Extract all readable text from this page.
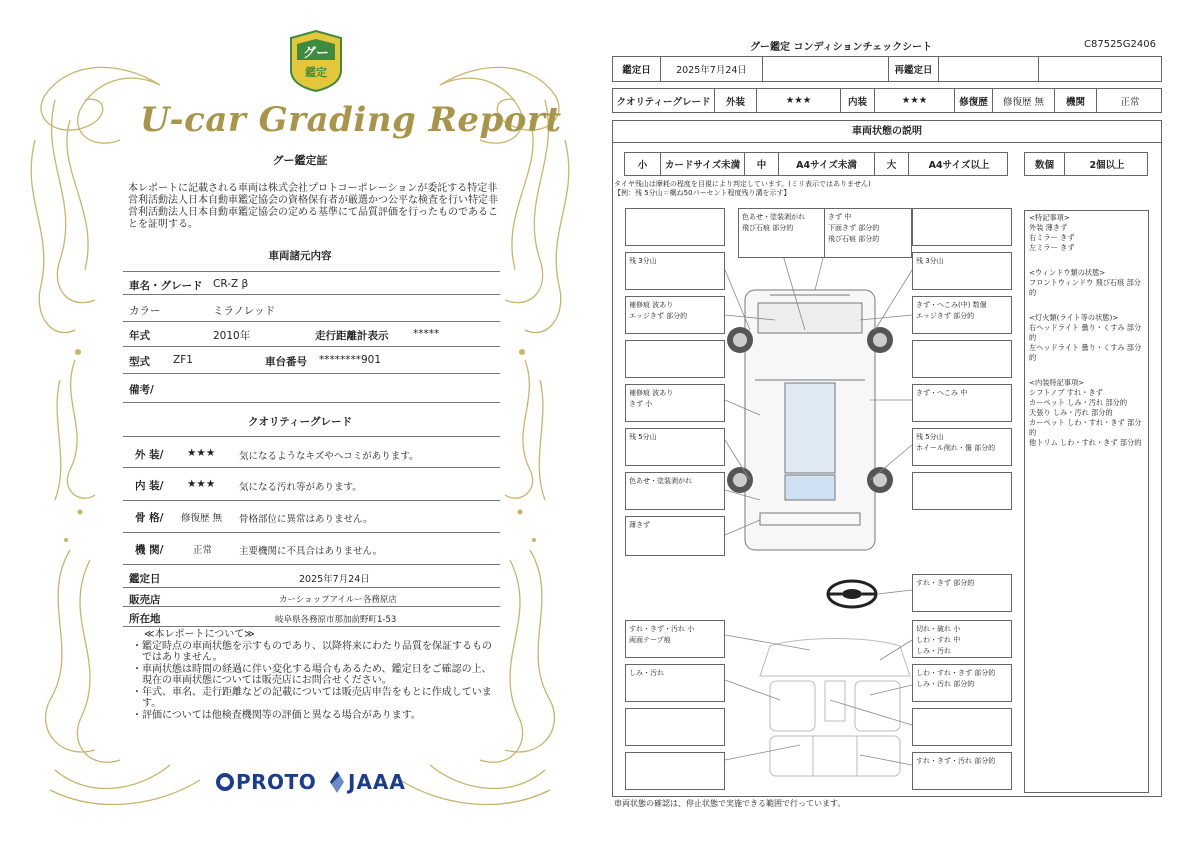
グー
鑑定
U-car Grading Report
グー鑑定証
本レポートに記載される車両は株式会社プロトコーポレーションが委託する特定非営利活動法人日本自動車鑑定協会の資格保有者が厳選かつ公平な検査を行い特定非営利活動法人日本自動車鑑定協会の定める基準にて品質評価を行ったものであることを証明する。
車両諸元内容
車名・グレード CR-Z β
カラー	ミラノレッド
年式	2010年	走行距離計表示 *****
型式 ZF1	車台番号 ********901
備考/
クオリティーグレード
外 装/ ★★★	気になるようなキズやヘコミがあります。
内 装/ ★★★	気になる汚れ等があります。
骨 格/ 修復歴 無 骨格部位に異常はありません。
機 関/	正常	主要機関に不具合はありません。
鑑定日	2025年7月24日
販売店	カーショップアイルー各務原店
所在地	岐阜県各務原市那加前野町1-53
≪本レポートについて≫
・鑑定時点の車両状態を示すものであり、以降将来にわたり品質を保証するものではありません。
・車両状態は時間の経過に伴い変化する場合もあるため、鑑定日をご確認の上、現在の車両状態については販売店にお問合せください。
・年式、車名、走行距離などの記載については販売店申告をもとに作成しています。
・評価については他検査機関等の評価と異なる場合があります。
PROTO	JAAA
グー鑑定 コンディションチェックシート	C87525G2406
鑑定日	2025年7月24日	再鑑定日
クオリティーグレード	外装	★★★	内装	★★★	修復歴	修復歴 無	機関	正常
車両状態の説明
小	カードサイズ未満	中	A4サイズ未満	大	A4サイズ以上	数個	2個以上
タイヤ残山は摩耗の程度を目視により判定しています。(ミリ表示ではありません)
【例：残 5分山＝概ね50パーセント程度残り溝を示す】
色あせ・塗装剥がれ
飛び石痕 部分的
きず 中
下面きず 部分的
飛び石痕 部分的
残 3分山	残 3分山
補修痕 波あり
エッジきず 部分的
きず・へこみ(中) 数個
エッジきず 部分的
補修痕 波あり
きず 小
きず・へこみ 中
残 5分山	残 5分山
ホイール削れ・傷 部分的
色あせ・塗装剥がれ
薄きず
すれ・きず 部分的
すれ・きず・汚れ 小
両面テープ痕
切れ・破れ 小
しわ・すれ 中
しみ・汚れ
しみ・汚れ	しわ・すれ・きず 部分的
しみ・汚れ 部分的
すれ・きず・汚れ 部分的
<特記事項>
外装 薄きず
右ミラー きず
左ミラー きず
<ウィンドウ類の状態>
フロントウィンドウ 飛び石痕 部分的
<灯火類(ライト等の状態)>
右ヘッドライト 曇り・くすみ 部分的
左ヘッドライト 曇り・くすみ 部分的
<内装特記事項>
シフトノブ すれ・きず
カーペット しみ・汚れ 部分的
天張り しみ・汚れ 部分的
カーペット しわ・すれ・きず 部分的
他トリム しわ・すれ・きず 部分的
車両状態の確認は、停止状態で実施できる範囲で行っています。
